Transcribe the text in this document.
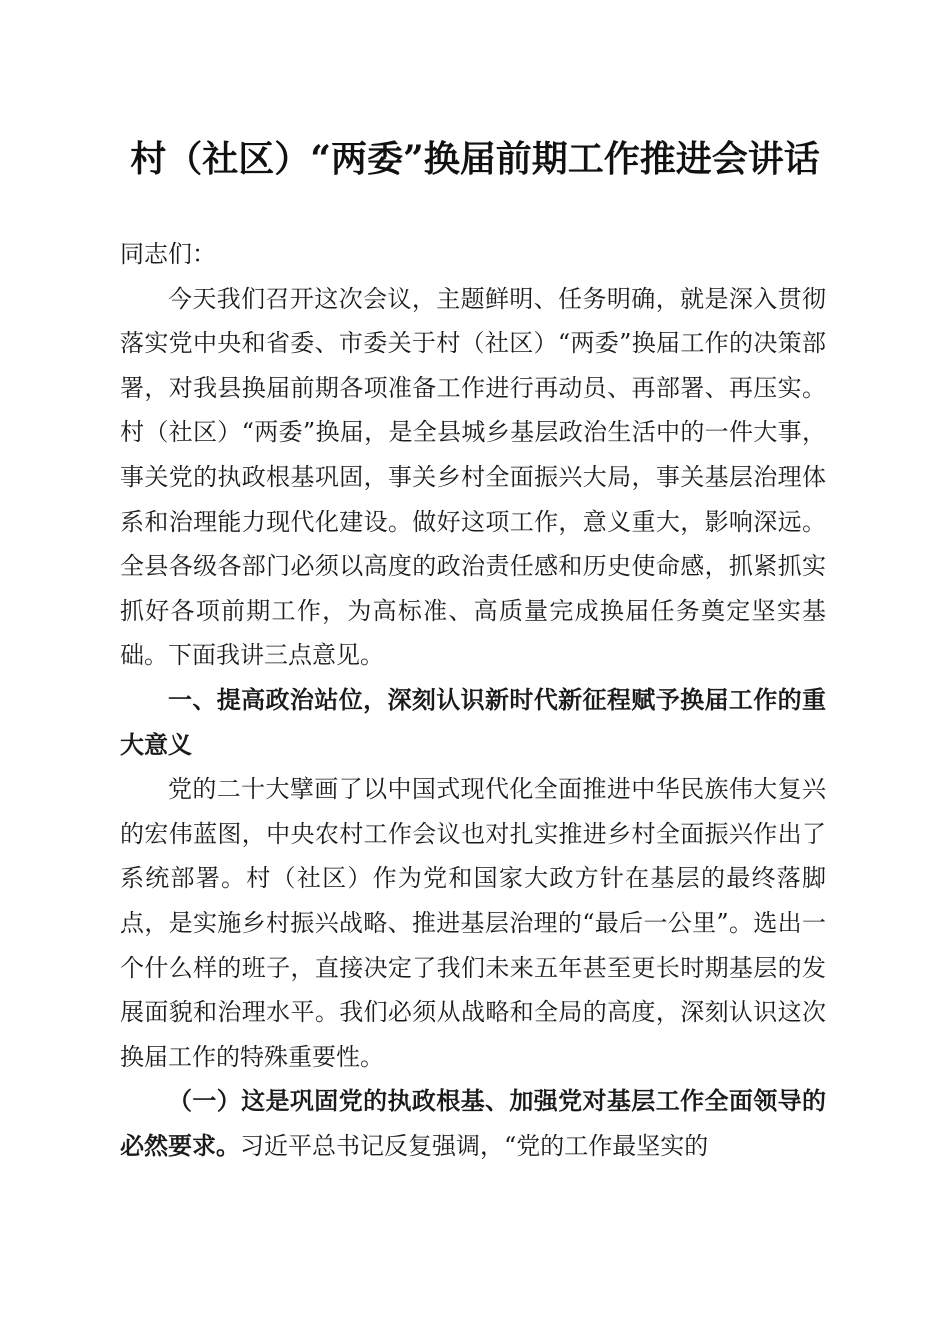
村（社区）“两委”换届前期工作推进会讲话

同志们：

今天我们召开这次会议，主题鲜明、任务明确，就是深入贯彻落实党中央和省委、市委关于村（社区）“两委”换届工作的决策部署，对我县换届前期各项准备工作进行再动员、再部署、再压实。村（社区）“两委”换届，是全县城乡基层政治生活中的一件大事，事关党的执政根基巩固，事关乡村全面振兴大局，事关基层治理体系和治理能力现代化建设。做好这项工作，意义重大，影响深远。全县各级各部门必须以高度的政治责任感和历史使命感，抓紧抓实抓好各项前期工作，为高标准、高质量完成换届任务奠定坚实基础。下面我讲三点意见。

一、提高政治站位，深刻认识新时代新征程赋予换届工作的重大意义

党的二十大擘画了以中国式现代化全面推进中华民族伟大复兴的宏伟蓝图，中央农村工作会议也对扎实推进乡村全面振兴作出了系统部署。村（社区）作为党和国家大政方针在基层的最终落脚点，是实施乡村振兴战略、推进基层治理的“最后一公里”。选出一个什么样的班子，直接决定了我们未来五年甚至更长时期基层的发展面貌和治理水平。我们必须从战略和全局的高度，深刻认识这次换届工作的特殊重要性。

（一）这是巩固党的执政根基、加强党对基层工作全面领导的必然要求。习近平总书记反复强调，“党的工作最坚实的
